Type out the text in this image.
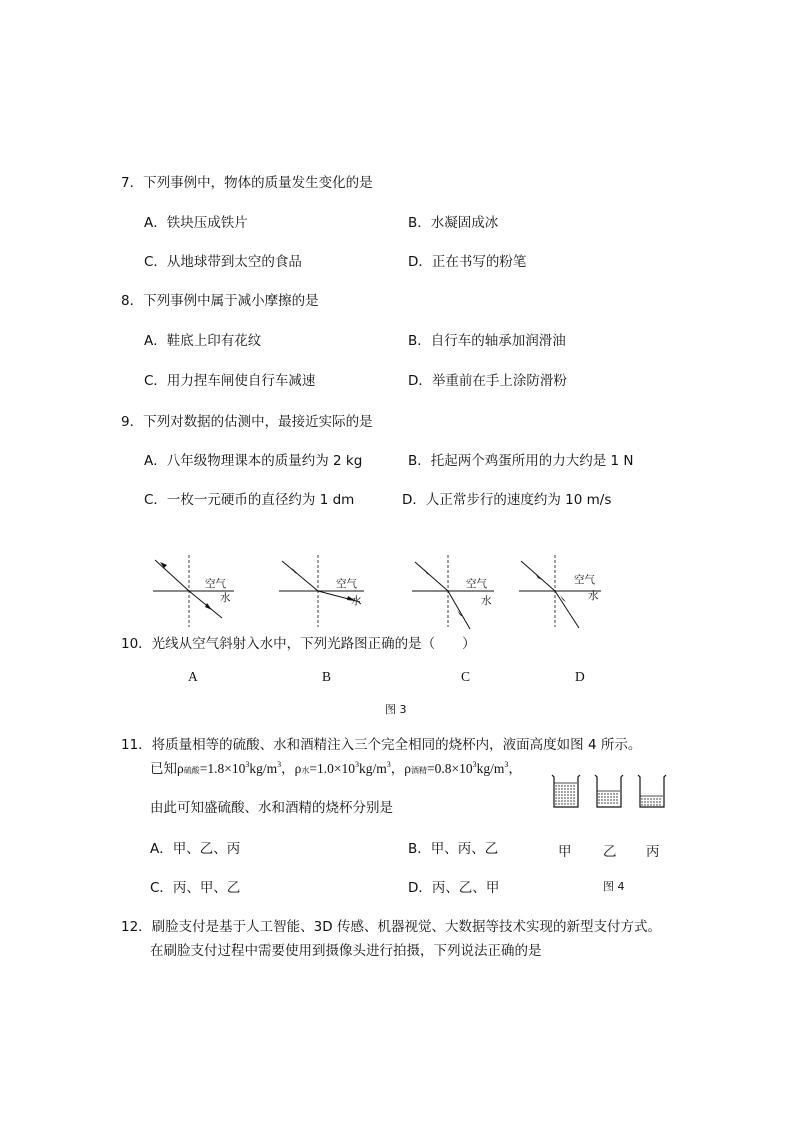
7．下列事例中，物体的质量发生变化的是
A．铁块压成铁片	B．水凝固成冰
C．从地球带到太空的食品	D．正在书写的粉笔
8．下列事例中属于减小摩擦的是
A．鞋底上印有花纹	B．自行车的轴承加润滑油
C．用力捏车闸使自行车减速	D．举重前在手上涂防滑粉
9．下列对数据的估测中，最接近实际的是
A．八年级物理课本的质量约为 2 kg	B．托起两个鸡蛋所用的力大约是 1 N
C．一枚一元硬币的直径约为 1 dm	D．人正常步行的速度约为 10 m/s
空气
水
空气
水
空气
水
空气
水
10．光线从空气斜射入水中，下列光路图正确的是（　　）
A	B	C	D
图 3
11．将质量相等的硫酸、水和酒精注入三个完全相同的烧杯内，液面高度如图 4 所示。
已知ρ硫酸$=1.8\times 10^3kg/m^3$，ρ水$=1.0\times 10^3kg/m^3$，ρ酒精$=0.8\times 10^3kg/m^3$，
由此可知盛硫酸、水和酒精的烧杯分别是
甲 乙 丙
图 4
A．甲、乙、丙	B．甲、丙、乙
C．丙、甲、乙	D．丙、乙、甲
12．刷脸支付是基于人工智能、3D 传感、机器视觉、大数据等技术实现的新型支付方式。
在刷脸支付过程中需要使用到摄像头进行拍摄，下列说法正确的是
